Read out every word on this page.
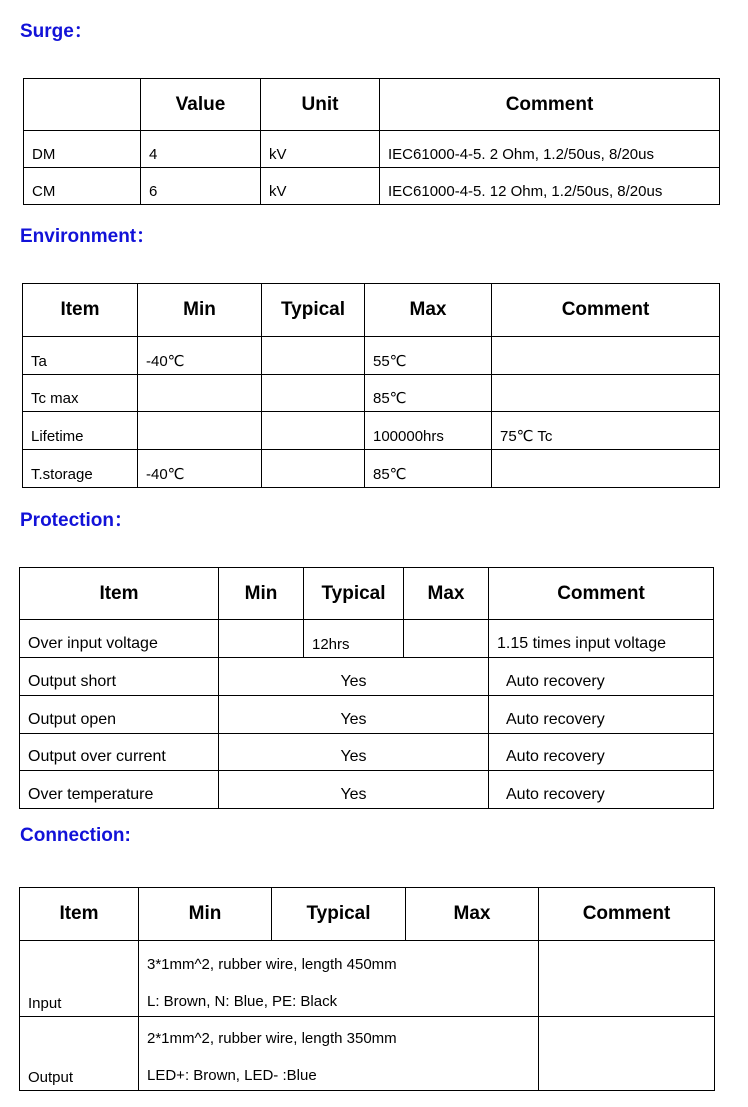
Surge：
	Value	Unit	Comment
DM	4	kV	IEC61000-4-5. 2 Ohm, 1.2/50us, 8/20us
CM	6	kV	IEC61000-4-5. 12 Ohm, 1.2/50us, 8/20us
Environment：
Item	Min	Typical	Max	Comment
Ta	-40℃		55℃	
Tc max			85℃	
Lifetime			100000hrs	75℃ Tc
T.storage	-40℃		85℃	
Protection：
Item	Min	Typical	Max	Comment
Over input voltage		12hrs		1.15 times input voltage
Output short	Yes			Auto recovery
Output open	Yes			Auto recovery
Output over current	Yes			Auto recovery
Over temperature	Yes			Auto recovery
Connection:
Item	Min	Typical	Max	Comment
Input	3*1mm^2, rubber wire, length 450mm
L: Brown, N: Blue, PE: Black			

Output	2*1mm^2, rubber wire, length 350mm
LED+: Brown, LED- :Blue			
